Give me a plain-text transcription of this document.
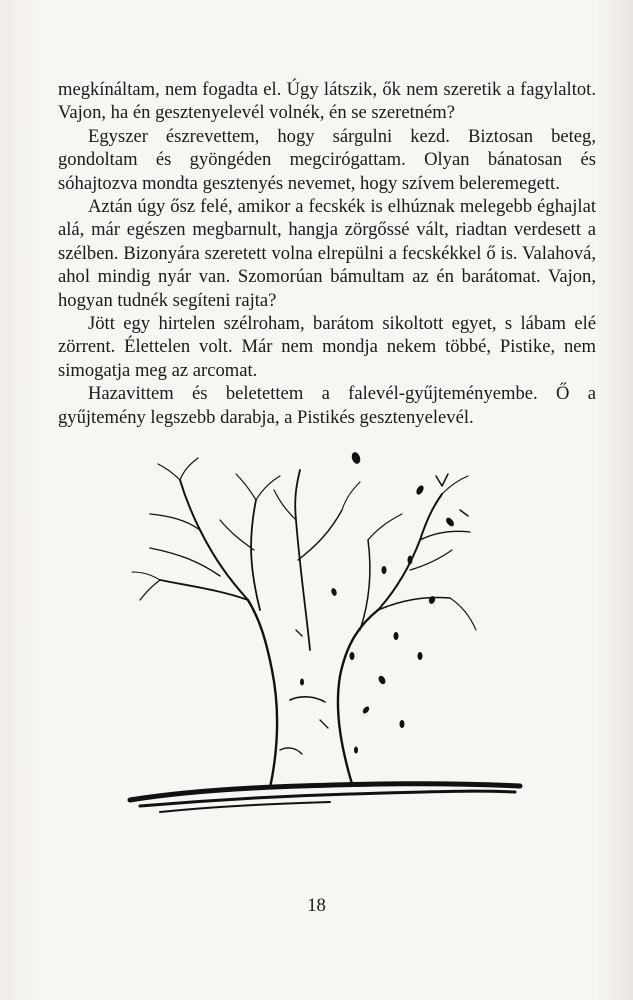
megkínáltam, nem fogadta el. Úgy látszik, ők nem szeretik a fagylaltot. Vajon, ha én gesztenyelevél volnék, én se szeretném?

Egyszer észrevettem, hogy sárgulni kezd. Biztosan beteg, gondoltam és gyöngéden megcirógattam. Olyan bánatosan és sóhajtozva mondta gesztenyés nevemet, hogy szívem beleremegett.

Aztán úgy ősz felé, amikor a fecskék is elhúznak melegebb éghajlat alá, már egészen megbarnult, hangja zörgőssé vált, riadtan verdesett a szélben. Bizonyára szeretett volna elrepülni a fecskékkel ő is. Valahová, ahol mindig nyár van. Szomorúan bámultam az én barátomat. Vajon, hogyan tudnék segíteni rajta?

Jött egy hirtelen szélroham, barátom sikoltott egyet, s lábam elé zörrent. Élettelen volt. Már nem mondja nekem többé, Pistike, nem simogatja meg az arcomat.

Hazavittem és beletettem a falevél-gyűjteményembe. Ő a gyűjtemény legszebb darabja, a Pistikés gesztenyelevél.

18
